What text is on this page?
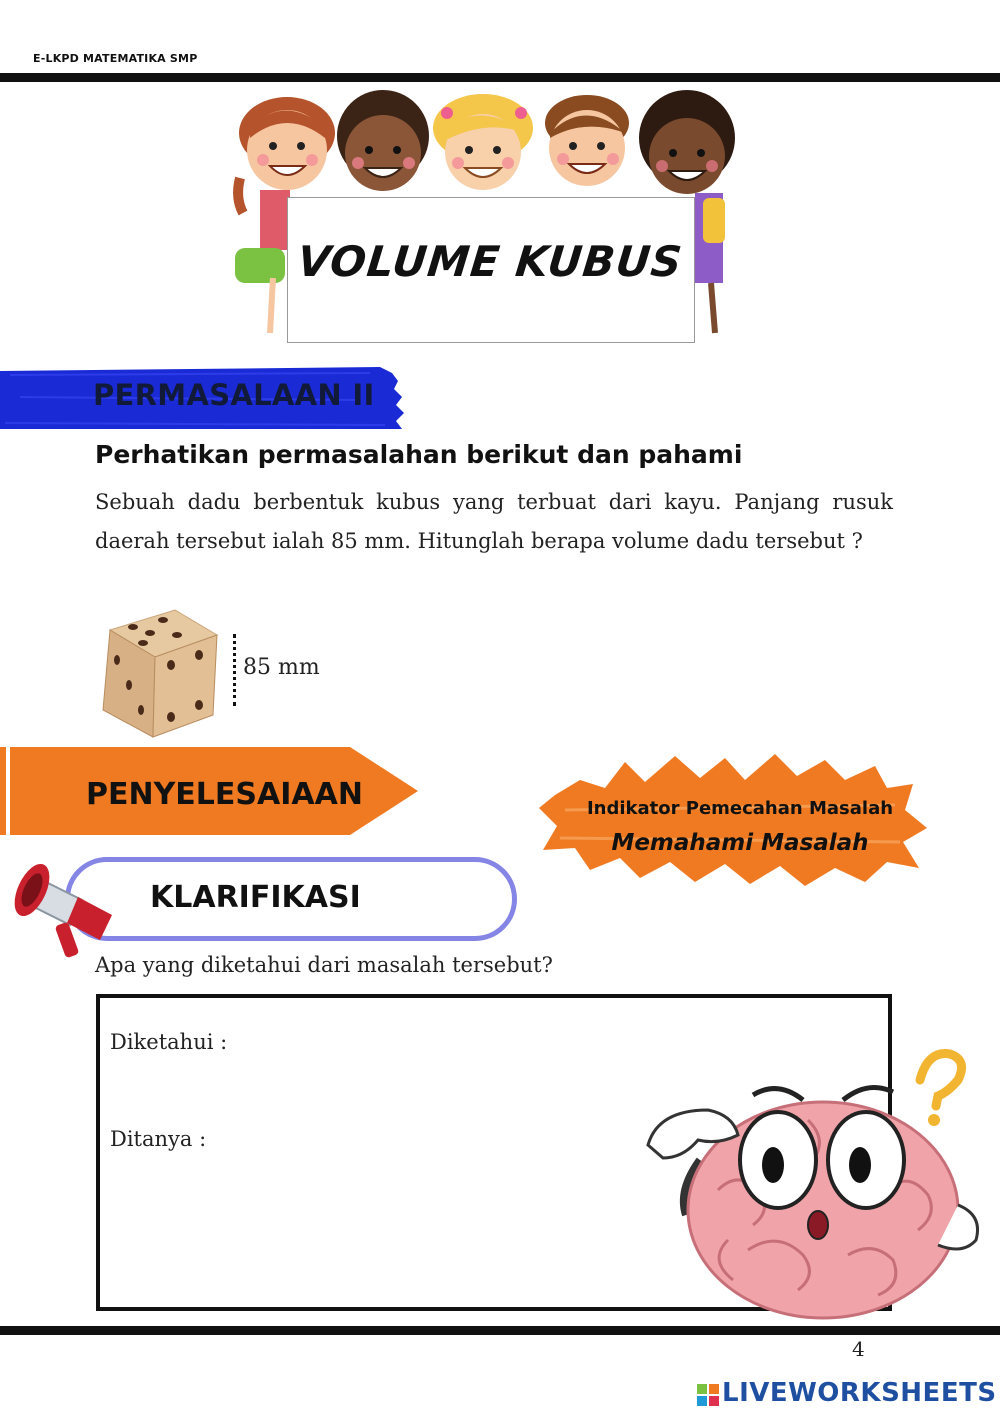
E-LKPD MATEMATIKA SMP
VOLUME KUBUS
PERMASALAAN II
Perhatikan permasalahan berikut dan pahami
Sebuah dadu berbentuk kubus yang terbuat dari kayu. Panjang rusuk daerah tersebut ialah 85 mm. Hitunglah berapa volume dadu tersebut ?
85 mm
PENYELESAIAAN	Indikator Pemecahan Masalah
Memahami Masalah
KLARIFIKASI
Apa yang diketahui dari masalah tersebut?
Diketahui :
Ditanya :
4
LIVEWORKSHEETS
